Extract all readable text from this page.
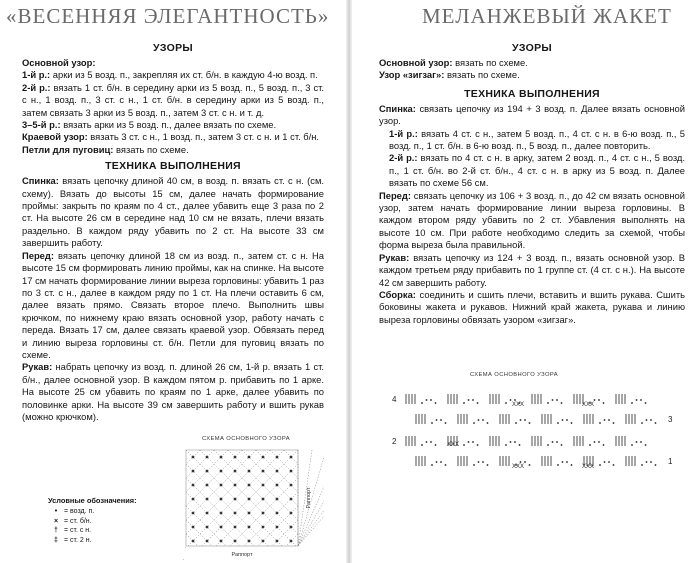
«ВЕСЕННЯЯ ЭЛЕГАНТНОСТЬ»
УЗОРЫ

Основной узор:

1-й р.: арки из 5 возд. п., закрепляя их ст. б/н. в каждую 4-ю возд. п.

2-й р.: вязать 1 ст. б/н. в середину арки из 5 возд. п., 5 возд. п., 3 ст. с н., 1 возд. п., 3 ст. с н., 1 ст. б/н. в середину арки из 5 возд. п., затем связать 3 арки из 5 возд. п., затем 3 ст. с н. и т. д.

3–5-й р.: вязать арки из 5 возд. п., далее вязать по схеме.

Краевой узор: вязать 3 ст. с н., 1 возд. п., затем 3 ст. с н. и 1 ст. б/н.

Петли для пуговиц: вязать по схеме.

ТЕХНИКА ВЫПОЛНЕНИЯ

Спинка: вязать цепочку длиной 40 см, в возд. п. вязать ст. с н. (см. схему). Вязать до высоты 15 см, далее начать формирование проймы: закрыть по краям по 4 ст., далее убавить еще 3 раза по 2 ст. На высоте 26 см в середине над 10 см не вязать, плечи вязать раздельно. В каждом ряду убавить по 2 ст. На высоте 33 см завершить работу.

Перед: вязать цепочку длиной 18 см из возд. п., затем ст. с н. На высоте 15 см формировать линию проймы, как на спинке. На высоте 17 см начать формирование линии выреза горловины: убавить 1 раз по 3 ст. с н., далее в каждом ряду по 1 ст. На плечи оставить 6 см, далее вязать прямо. Связать второе плечо. Выполнить швы крючком, по нижнему краю вязать основной узор, работу начать с переда. Вязать 17 см, далее связать краевой узор. Обвязать перед и линию выреза горловины ст. б/н. Петли для пуговиц вязать по схеме.

Рукав: набрать цепочку из возд. п. длиной 26 см, 1-й р. вязать 1 ст. б/н., далее основной узор. В каждом пятом р. прибавить по 1 арке. На высоте 25 см убавить по краям по 1 арке, далее убавить по половинке арки. На высоте 39 см завершить работу и вшить рукав (можно крючком).

СХЕМА ОСНОВНОГО УЗОРА
Раппорт
Раппорт
Условные обозначения:
• = возд. п.
× = ст. б/н.
† = ст. с н.
‡ = ст. 2 н.
МЕЛАНЖЕВЫЙ ЖАКЕТ
УЗОРЫ

Основной узор: вязать по схеме.

Узор «зигзаг»: вязать по схеме.

ТЕХНИКА ВЫПОЛНЕНИЯ

Спинка: связать цепочку из 194 + 3 возд. п. Далее вязать основной узор.

1-й р.: вязать 4 ст. с н., затем 5 возд. п., 4 ст. с н. в 6-ю возд. п., 5 возд. п., 1 ст. б/н. в 6-ю возд. п., 5 возд. п., далее повторить.

2-й р.: вязать по 4 ст. с н. в арку, затем 2 возд. п., 4 ст. с н., 5 возд. п., 1 ст. б/н. во 2-й ст. б/н., 4 ст. с н. в арку из 5 возд. п. Далее вязать по схеме 56 см.

Перед: связать цепочку из 106 + 3 возд. п., до 42 см вязать основной узор, затем начать формирование линии выреза горловины. В каждом втором ряду убавить по 2 ст. Убавления выполнять на высоте 10 см. При работе необходимо следить за схемой, чтобы форма выреза была правильной.

Рукав: вязать цепочку из 124 + 3 возд. п., вязать основной узор. В каждом третьем ряду прибавить по 1 группе ст. (4 ст. с н.). На высоте 42 см завершить работу.

Сборка: соединить и сшить плечи, вставить и вшить рукава. Сшить боковины жакета и рукавов. Нижний край жакета, рукава и линию выреза горловины обвязать узором «зигзаг».

СХЕМА ОСНОВНОГО УЗОРА
4
3
2
1
XXX	XXX
XXX
XXX	XXX
